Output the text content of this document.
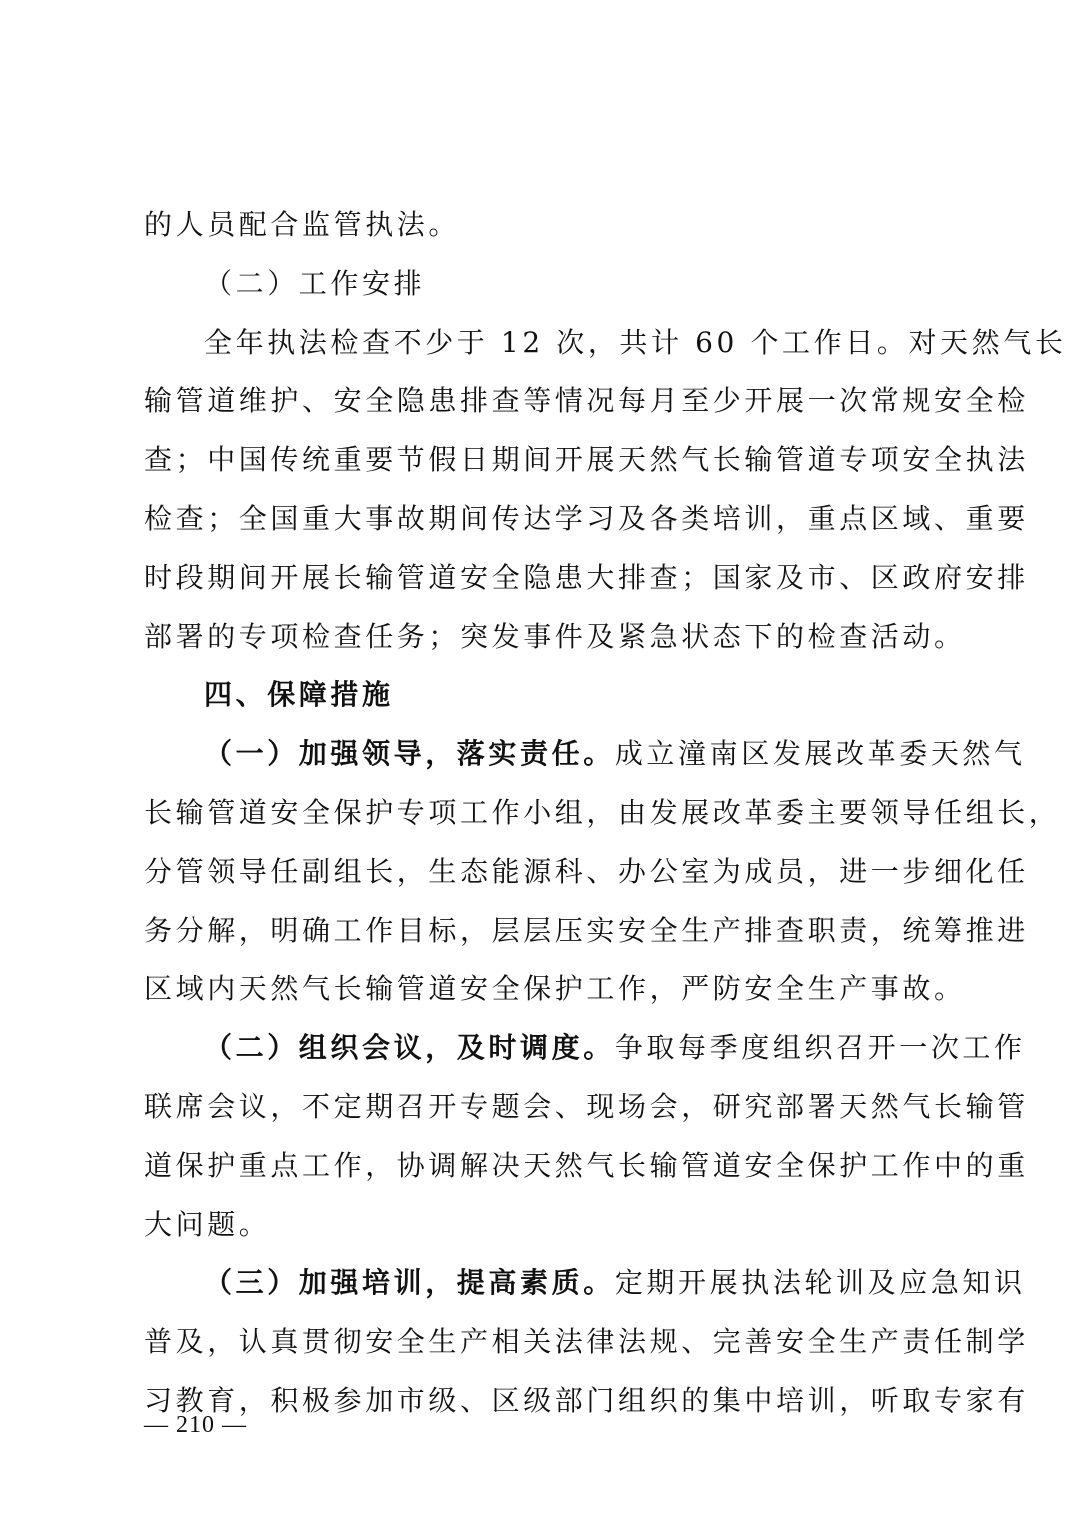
的人员配合监管执法。
（二）工作安排
全年执法检查不少于 12 次，共计 60 个工作日。对天然气长
输管道维护、安全隐患排查等情况每月至少开展一次常规安全检
查；中国传统重要节假日期间开展天然气长输管道专项安全执法
检查；全国重大事故期间传达学习及各类培训，重点区域、重要
时段期间开展长输管道安全隐患大排查；国家及市、区政府安排
部署的专项检查任务；突发事件及紧急状态下的检查活动。
四、保障措施
（一）加强领导，落实责任。成立潼南区发展改革委天然气
长输管道安全保护专项工作小组，由发展改革委主要领导任组长，
分管领导任副组长，生态能源科、办公室为成员，进一步细化任
务分解，明确工作目标，层层压实安全生产排查职责，统筹推进
区域内天然气长输管道安全保护工作，严防安全生产事故。
（二）组织会议，及时调度。争取每季度组织召开一次工作
联席会议，不定期召开专题会、现场会，研究部署天然气长输管
道保护重点工作，协调解决天然气长输管道安全保护工作中的重
大问题。
（三）加强培训，提高素质。定期开展执法轮训及应急知识
普及，认真贯彻安全生产相关法律法规、完善安全生产责任制学
习教育，积极参加市级、区级部门组织的集中培训，听取专家有
— 210 —
